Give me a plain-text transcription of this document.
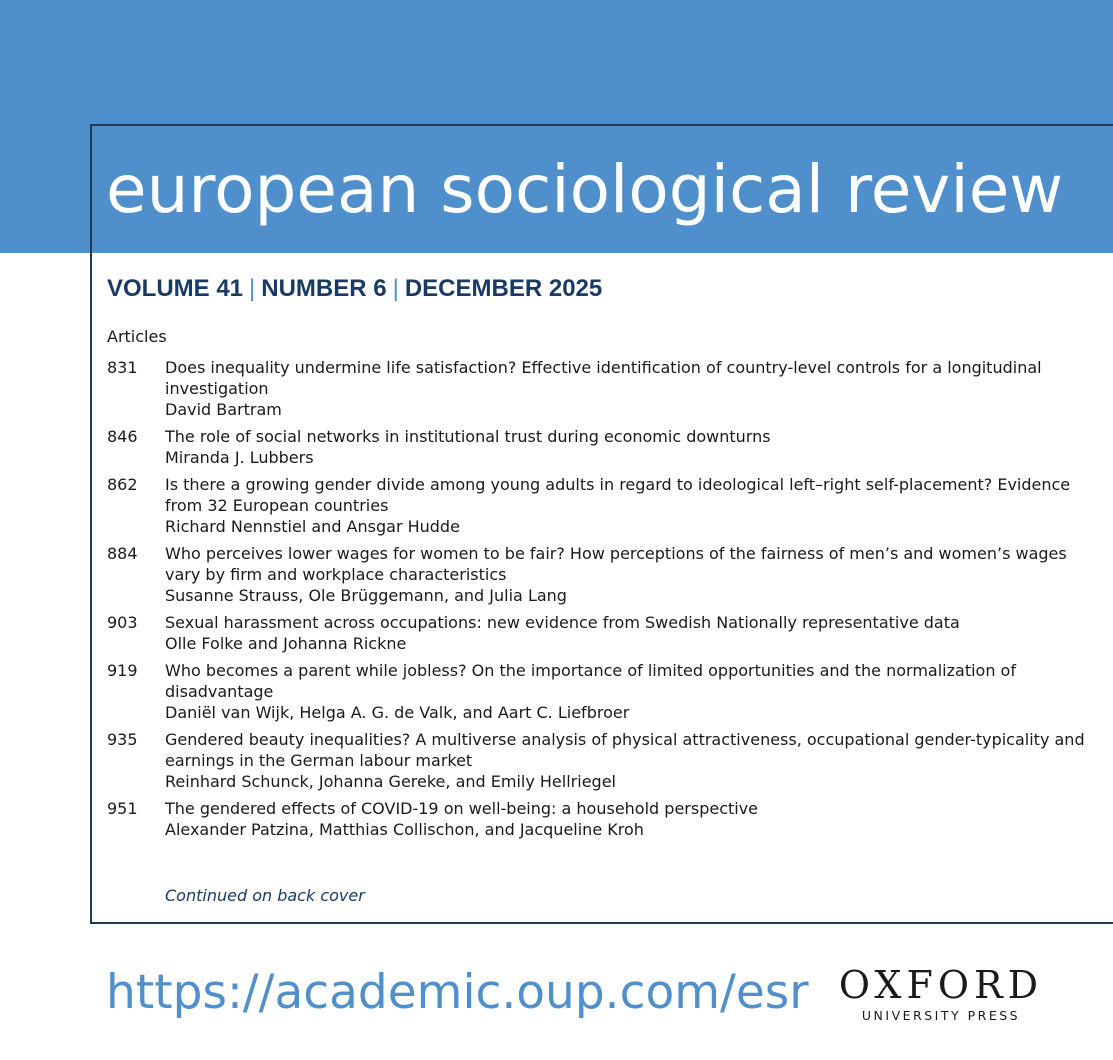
european sociological review
VOLUME 41 | NUMBER 6 | DECEMBER 2025
Articles
831	Does inequality undermine life satisfaction? Effective identification of country-level controls for a longitudinal investigation
David Bartram
846	The role of social networks in institutional trust during economic downturns
Miranda J. Lubbers
862	Is there a growing gender divide among young adults in regard to ideological left–right self-placement? Evidence from 32 European countries
Richard Nennstiel and Ansgar Hudde
884	Who perceives lower wages for women to be fair? How perceptions of the fairness of men’s and women’s wages vary by firm and workplace characteristics
Susanne Strauss, Ole Brüggemann, and Julia Lang
903	Sexual harassment across occupations: new evidence from Swedish Nationally representative data
Olle Folke and Johanna Rickne
919	Who becomes a parent while jobless? On the importance of limited opportunities and the normalization of disadvantage
Daniël van Wijk, Helga A. G. de Valk, and Aart C. Liefbroer
935	Gendered beauty inequalities? A multiverse analysis of physical attractiveness, occupational gender-typicality and earnings in the German labour market
Reinhard Schunck, Johanna Gereke, and Emily Hellriegel
951	The gendered effects of COVID-19 on well-being: a household perspective
Alexander Patzina, Matthias Collischon, and Jacqueline Kroh
Continued on back cover
https://academic.oup.com/esr OXFORD
UNIVERSITY PRESS
